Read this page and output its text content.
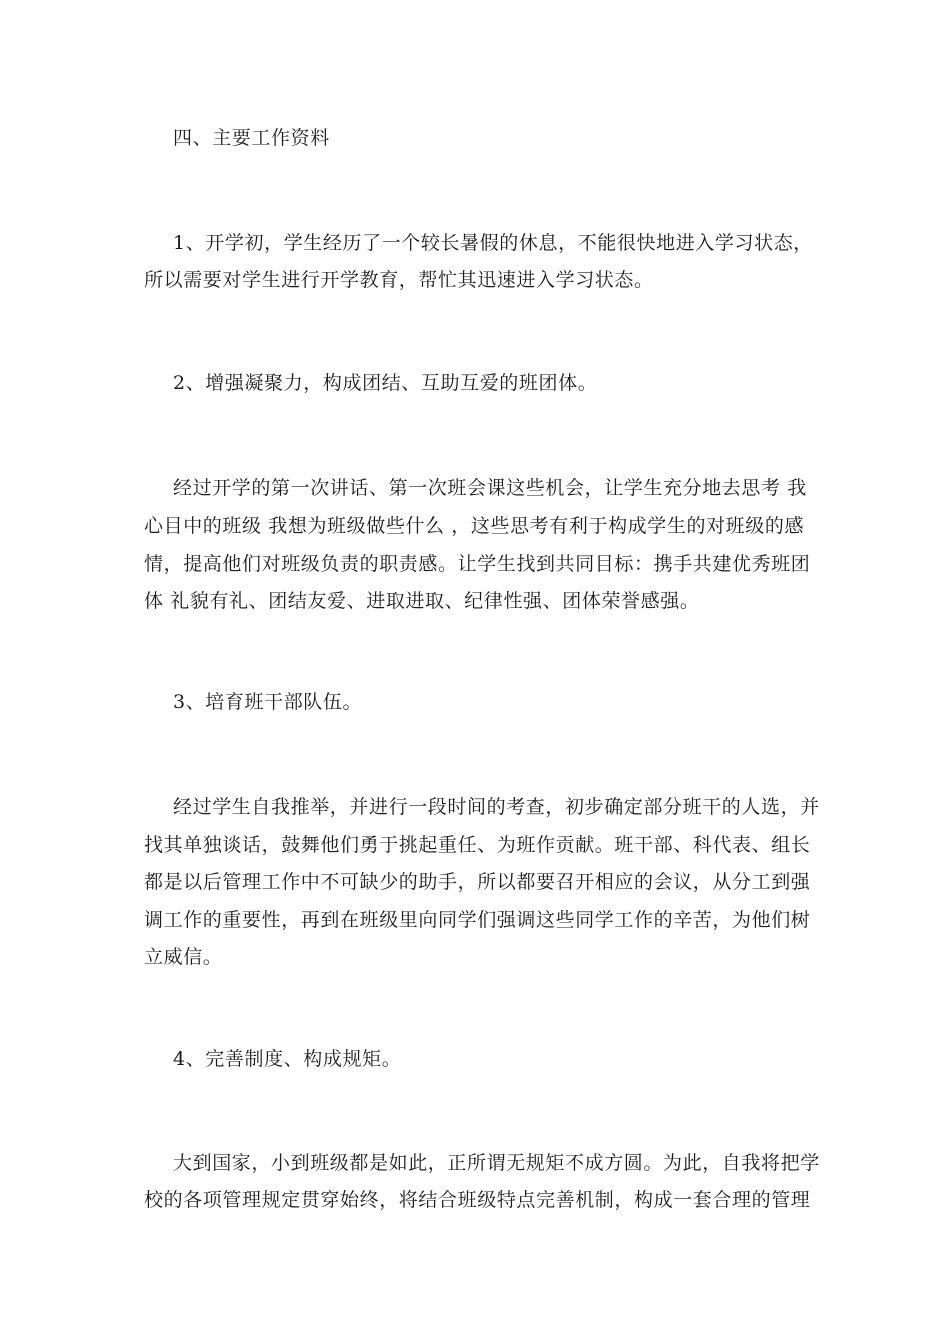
四、主要工作资料
1、开学初，学生经历了一个较长暑假的休息，不能很快地进入学习状态，
所以需要对学生进行开学教育，帮忙其迅速进入学习状态。
2、增强凝聚力，构成团结、互助互爱的班团体。
经过开学的第一次讲话、第一次班会课这些机会，让学生充分地去思考 我
心目中的班级 我想为班级做些什么 ，这些思考有利于构成学生的对班级的感
情，提高他们对班级负责的职责感。让学生找到共同目标：携手共建优秀班团
体 礼貌有礼、团结友爱、进取进取、纪律性强、团体荣誉感强。
3、培育班干部队伍。
经过学生自我推举，并进行一段时间的考查，初步确定部分班干的人选，并
找其单独谈话，鼓舞他们勇于挑起重任、为班作贡献。班干部、科代表、组长
都是以后管理工作中不可缺少的助手，所以都要召开相应的会议，从分工到强
调工作的重要性，再到在班级里向同学们强调这些同学工作的辛苦，为他们树
立威信。
4、完善制度、构成规矩。
大到国家，小到班级都是如此，正所谓无规矩不成方圆。为此，自我将把学
校的各项管理规定贯穿始终，将结合班级特点完善机制，构成一套合理的管理
